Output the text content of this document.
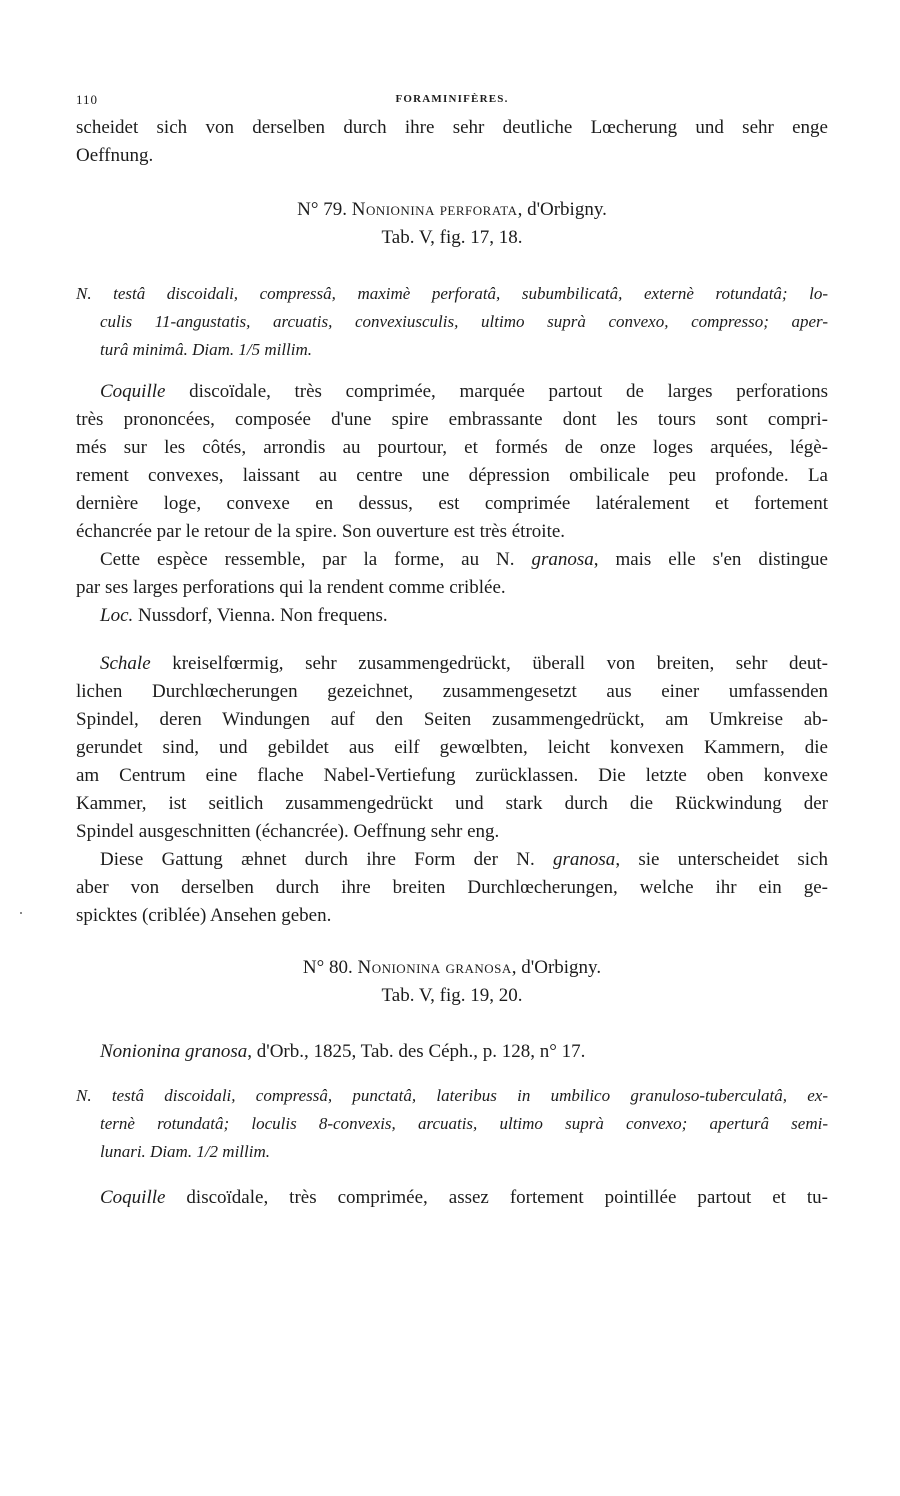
110	FORAMINIFÈRES.
scheidet sich von derselben durch ihre sehr deutliche Lœcherung und sehr enge
Oeffnung.
N° 79. Nonionina perforata, d'Orbigny.
Tab. V, fig. 17, 18.
N. testâ discoidali, compressâ, maximè perforatâ, subumbilicatâ, externè rotundatâ; lo-
culis 11-angustatis, arcuatis, convexiusculis, ultimo suprà convexo, compresso; aper-
turâ minimâ. Diam. 1/5 millim.
Coquille discoïdale, très comprimée, marquée partout de larges perforations
très prononcées, composée d'une spire embrassante dont les tours sont compri-
més sur les côtés, arrondis au pourtour, et formés de onze loges arquées, légè-
rement convexes, laissant au centre une dépression ombilicale peu profonde. La
dernière loge, convexe en dessus, est comprimée latéralement et fortement
échancrée par le retour de la spire. Son ouverture est très étroite.
Cette espèce ressemble, par la forme, au N. granosa, mais elle s'en distingue
par ses larges perforations qui la rendent comme criblée.
Loc. Nussdorf, Vienna. Non frequens.
Schale kreiselfœrmig, sehr zusammengedrückt, überall von breiten, sehr deut-
lichen Durchlœcherungen gezeichnet, zusammengesetzt aus einer umfassenden
Spindel, deren Windungen auf den Seiten zusammengedrückt, am Umkreise ab-
gerundet sind, und gebildet aus eilf gewœlbten, leicht konvexen Kammern, die
am Centrum eine flache Nabel-Vertiefung zurücklassen. Die letzte oben konvexe
Kammer, ist seitlich zusammengedrückt und stark durch die Rückwindung der
Spindel ausgeschnitten (échancrée). Oeffnung sehr eng.
Diese Gattung æhnet durch ihre Form der N. granosa, sie unterscheidet sich
aber von derselben durch ihre breiten Durchlœcherungen, welche ihr ein ge-
spicktes (criblée) Ansehen geben.
N° 80. Nonionina granosa, d'Orbigny.
Tab. V, fig. 19, 20.
Nonionina granosa, d'Orb., 1825, Tab. des Céph., p. 128, n° 17.
N. testâ discoidali, compressâ, punctatâ, lateribus in umbilico granuloso-tuberculatâ, ex-
ternè rotundatâ; loculis 8-convexis, arcuatis, ultimo suprà convexo; aperturâ semi-
lunari. Diam. 1/2 millim.
Coquille discoïdale, très comprimée, assez fortement pointillée partout et tu-
